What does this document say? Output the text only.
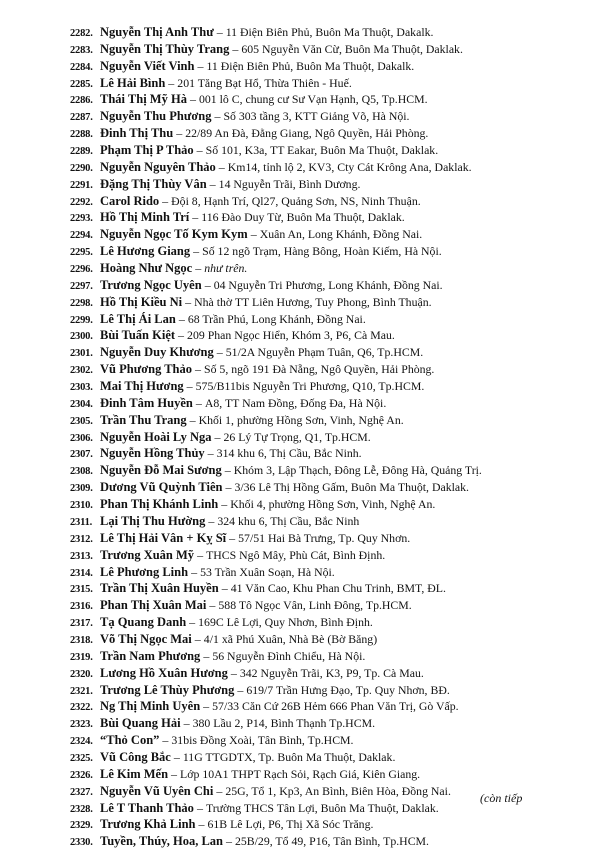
2282. Nguyễn Thị Anh Thư – 11 Điện Biên Phủ, Buôn Ma Thuột, Dakalk.
2283. Nguyễn Thị Thùy Trang – 605 Nguyễn Văn Cừ, Buôn Ma Thuột, Daklak.
2284. Nguyễn Viết Vinh – 11 Điện Biên Phủ, Buôn Ma Thuột, Dakalk.
2285. Lê Hải Bình – 201 Tăng Bạt Hổ, Thừa Thiên - Huế.
2286. Thái Thị Mỹ Hà – 001 lô C, chung cư Sư Vạn Hạnh, Q5, Tp.HCM.
2287. Nguyễn Thu Phương – Số 303 tầng 3, KTT Giảng Võ, Hà Nội.
2288. Đinh Thị Thu – 22/89 An Đà, Đằng Giang, Ngô Quyền, Hải Phòng.
2289. Phạm Thị P Thảo – Số 101, K3a, TT Eakar, Buôn Ma Thuột, Daklak.
2290. Nguyễn Nguyên Thảo – Km14, tỉnh lộ 2, KV3, Cty Cát Krông Ana, Daklak.
2291. Đặng Thị Thùy Vân – 14 Nguyễn Trãi, Bình Dương.
2292. Carol Rido – Đội 8, Hạnh Trí, Ql27, Quảng Sơn, NS, Ninh Thuận.
2293. Hồ Thị Minh Trí – 116 Đào Duy Từ, Buôn Ma Thuột, Daklak.
2294. Nguyễn Ngọc Tố Kym Kym – Xuân An, Long Khánh, Đồng Nai.
2295. Lê Hương Giang – Số 12 ngõ Trạm, Hàng Bông, Hoàn Kiếm, Hà Nội.
2296. Hoàng Như Ngọc – như trên.
2297. Trương Ngọc Uyên – 04 Nguyễn Tri Phương, Long Khánh, Đồng Nai.
2298. Hồ Thị Kiều Ni – Nhà thờ TT Liên Hương, Tuy Phong, Bình Thuận.
2299. Lê Thị Ái Lan – 68 Trần Phú, Long Khánh, Đồng Nai.
2300. Bùi Tuấn Kiệt – 209 Phan Ngọc Hiển, Khóm 3, P6, Cà Mau.
2301. Nguyễn Duy Khương – 51/2A Nguyễn Phạm Tuân, Q6, Tp.HCM.
2302. Vũ Phương Thảo – Số 5, ngõ 191 Đà Nẵng, Ngô Quyền, Hải Phòng.
2303. Mai Thị Hương – 575/B11bis Nguyễn Tri Phương, Q10, Tp.HCM.
2304. Đinh Tâm Huyền – A8, TT Nam Đồng, Đống Đa, Hà Nội.
2305. Trần Thu Trang – Khối 1, phường Hồng Sơn, Vinh, Nghệ An.
2306. Nguyễn Hoài Ly Nga – 26 Lý Tự Trọng, Q1, Tp.HCM.
2307. Nguyễn Hồng Thủy – 314 khu 6, Thị Cầu, Bắc Ninh.
2308. Nguyễn Đỗ Mai Sương – Khóm 3, Lập Thạch, Đông Lễ, Đông Hà, Quảng Trị.
2309. Dương Vũ Quỳnh Tiên – 3/36 Lê Thị Hồng Gấm, Buôn Ma Thuột, Daklak.
2310. Phan Thị Khánh Linh – Khối 4, phường Hồng Sơn, Vinh, Nghệ An.
2311. Lại Thị Thu Hường – 324 khu 6, Thị Cầu, Bắc Ninh
2312. Lê Thị Hải Vân + Kỵ Sĩ – 57/51 Hai Bà Trưng, Tp. Quy Nhơn.
2313. Trương Xuân Mỹ – THCS Ngô Mây, Phù Cát, Bình Định.
2314. Lê Phương Linh – 53 Trần Xuân Soạn, Hà Nội.
2315. Trần Thị Xuân Huyền – 41 Văn Cao, Khu Phan Chu Trinh, BMT, ĐL.
2316. Phan Thị Xuân Mai – 588 Tô Ngọc Vân, Linh Đông, Tp.HCM.
2317. Tạ Quang Danh – 169C Lê Lợi, Quy Nhơn, Bình Định.
2318. Võ Thị Ngọc Mai – 4/1 xã Phú Xuân, Nhà Bè (Bờ Băng)
2319. Trần Nam Phương – 56 Nguyễn Đình Chiểu, Hà Nội.
2320. Lương Hồ Xuân Hương – 342 Nguyễn Trãi, K3, P9, Tp. Cà Mau.
2321. Trương Lê Thùy Phương – 619/7 Trần Hưng Đạo, Tp. Quy Nhơn, BĐ.
2322. Ng Thị Minh Uyên – 57/33 Căn Cứ 26B Hẻm 666 Phan Văn Trị, Gò Vấp.
2323. Bùi Quang Hải – 380 Lầu 2, P14, Bình Thạnh Tp.HCM.
2324. “Thỏ Con” – 31bis Đồng Xoài, Tân Bình, Tp.HCM.
2325. Vũ Công Bắc – 11G TTGDTX, Tp. Buôn Ma Thuột, Daklak.
2326. Lê Kim Mến – Lớp 10A1 THPT Rạch Sỏi, Rạch Giá, Kiên Giang.
2327. Nguyễn Vũ Uyên Chi – 25G, Tổ 1, Kp3, An Bình, Biên Hòa, Đồng Nai.
2328. Lê T Thanh Thảo – Trường THCS Tân Lợi, Buôn Ma Thuột, Daklak.
2329. Trương Khả Linh – 61B Lê Lợi, P6, Thị Xã Sóc Trăng.
2330. Tuyền, Thúy, Hoa, Lan – 25B/29, Tổ 49, P16, Tân Bình, Tp.HCM.
(còn tiếp
